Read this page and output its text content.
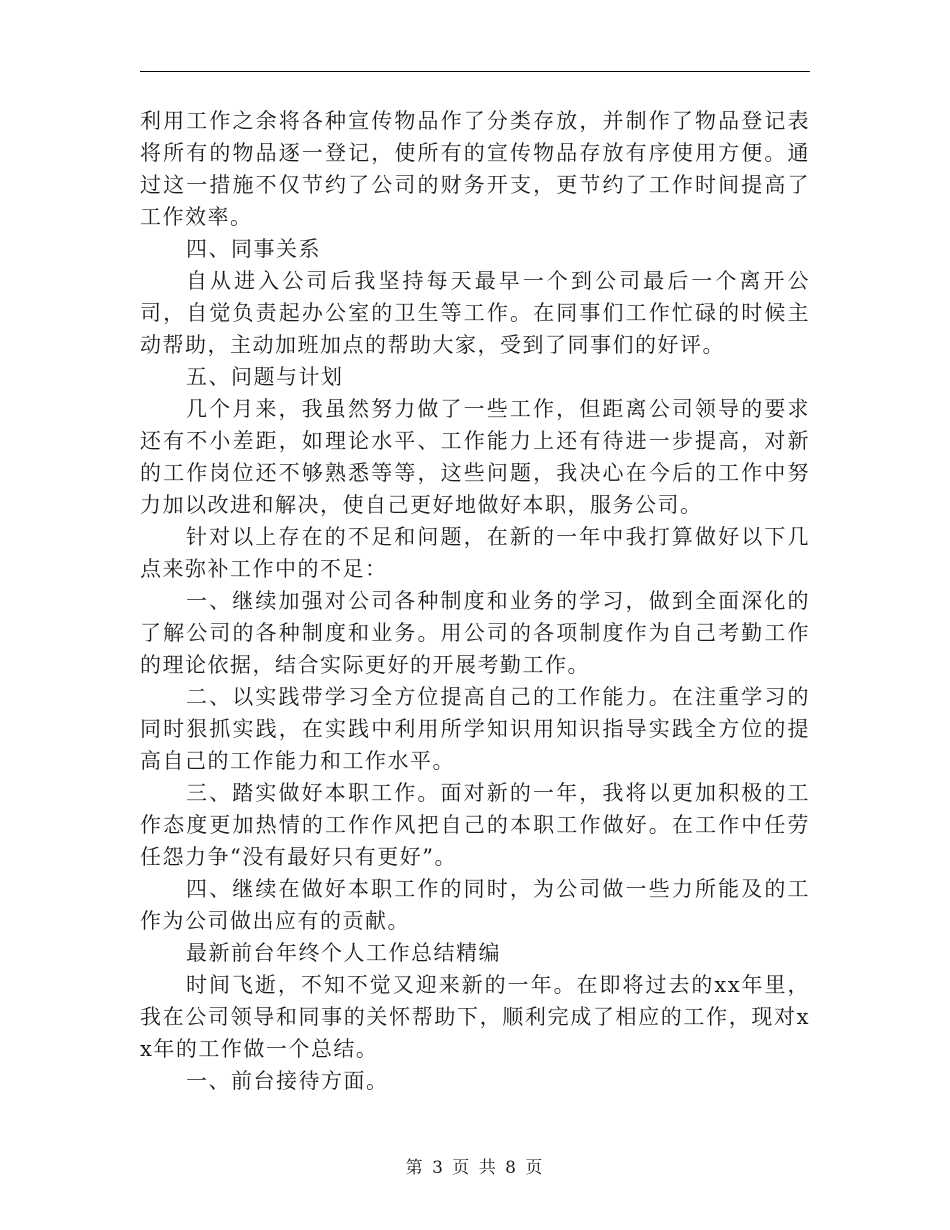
利用工作之余将各种宣传物品作了分类存放，并制作了物品登记表将所有的物品逐一登记，使所有的宣传物品存放有序使用方便。通过这一措施不仅节约了公司的财务开支，更节约了工作时间提高了工作效率。

四、同事关系

自从进入公司后我坚持每天最早一个到公司最后一个离开公司，自觉负责起办公室的卫生等工作。在同事们工作忙碌的时候主动帮助，主动加班加点的帮助大家，受到了同事们的好评。

五、问题与计划

几个月来，我虽然努力做了一些工作，但距离公司领导的要求还有不小差距，如理论水平、工作能力上还有待进一步提高，对新的工作岗位还不够熟悉等等，这些问题，我决心在今后的工作中努力加以改进和解决，使自己更好地做好本职，服务公司。

针对以上存在的不足和问题，在新的一年中我打算做好以下几点来弥补工作中的不足：

一、继续加强对公司各种制度和业务的学习，做到全面深化的了解公司的各种制度和业务。用公司的各项制度作为自己考勤工作的理论依据，结合实际更好的开展考勤工作。

二、以实践带学习全方位提高自己的工作能力。在注重学习的同时狠抓实践，在实践中利用所学知识用知识指导实践全方位的提高自己的工作能力和工作水平。

三、踏实做好本职工作。面对新的一年，我将以更加积极的工作态度更加热情的工作作风把自己的本职工作做好。在工作中任劳任怨力争“没有最好只有更好”。

四、继续在做好本职工作的同时，为公司做一些力所能及的工作为公司做出应有的贡献。

最新前台年终个人工作总结精编

时间飞逝，不知不觉又迎来新的一年。在即将过去的xx年里，我在公司领导和同事的关怀帮助下，顺利完成了相应的工作，现对xx年的工作做一个总结。

一、前台接待方面。

第 3 页 共 8 页
